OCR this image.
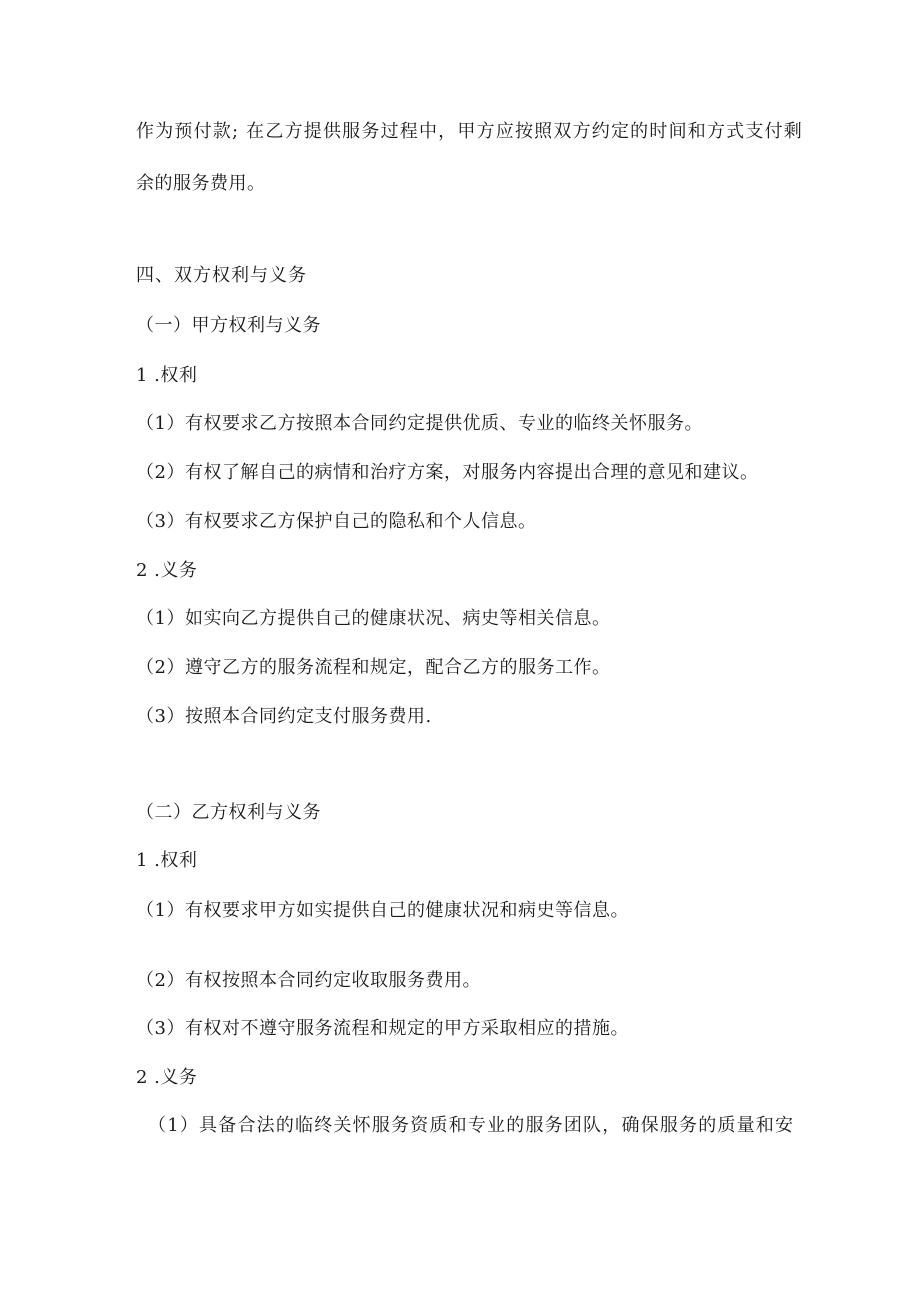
作为预付款; 在乙方提供服务过程中，甲方应按照双方约定的时间和方式支付剩
余的服务费用。
四、双方权利与义务
（一）甲方权利与义务
1 .权利
（1）有权要求乙方按照本合同约定提供优质、专业的临终关怀服务。
（2）有权了解自己的病情和治疗方案，对服务内容提出合理的意见和建议。
（3）有权要求乙方保护自己的隐私和个人信息。
2 .义务
（1）如实向乙方提供自己的健康状况、病史等相关信息。
（2）遵守乙方的服务流程和规定，配合乙方的服务工作。
（3）按照本合同约定支付服务费用.
（二）乙方权利与义务
1 .权利
（1）有权要求甲方如实提供自己的健康状况和病史等信息。
（2）有权按照本合同约定收取服务费用。
（3）有权对不遵守服务流程和规定的甲方采取相应的措施。
2 .义务
（1）具备合法的临终关怀服务资质和专业的服务团队，确保服务的质量和安
